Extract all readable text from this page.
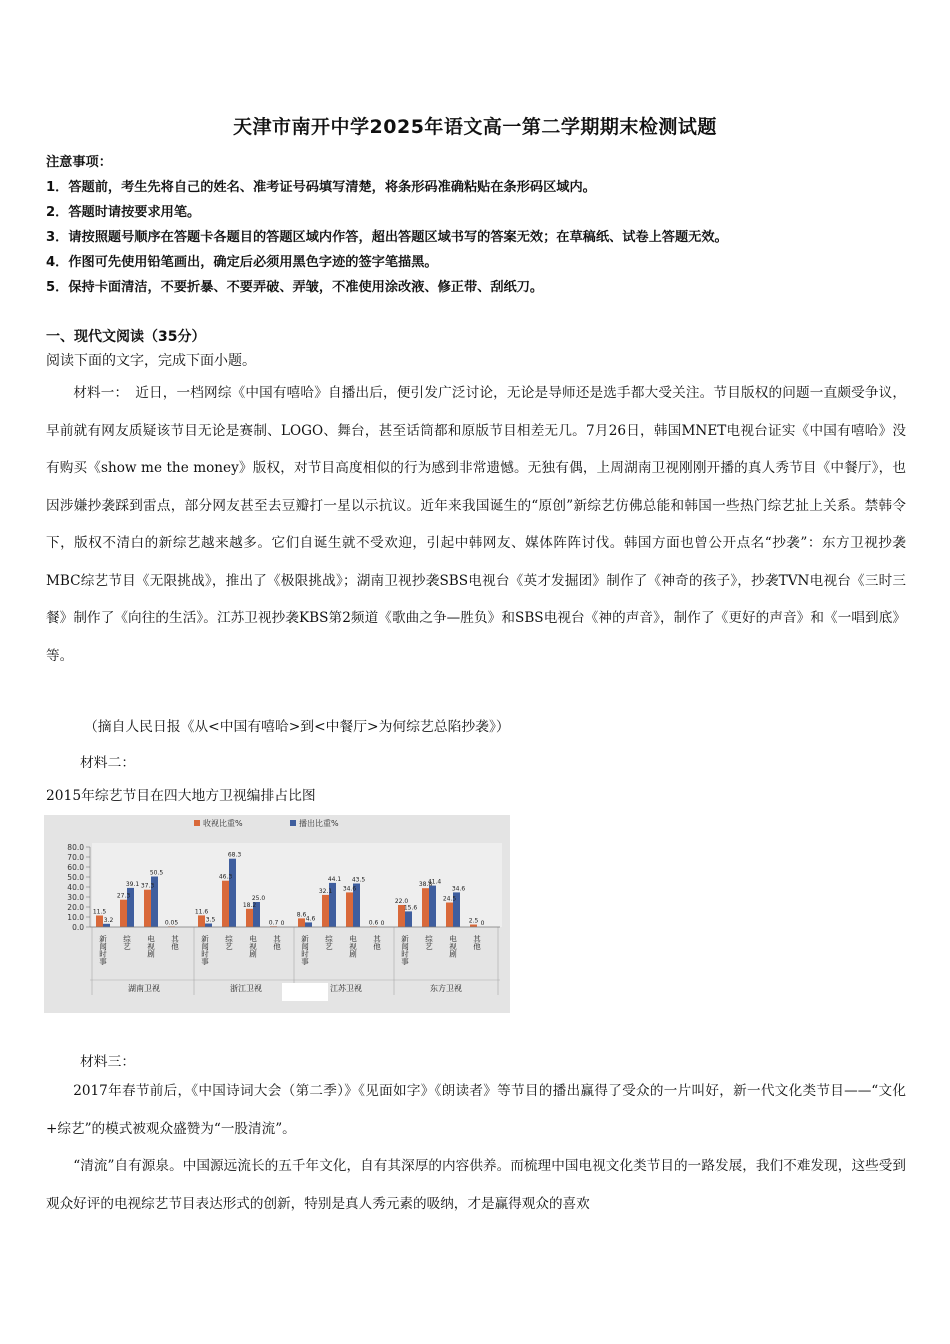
天津市南开中学2025年语文高一第二学期期末检测试题
注意事项：
1．答题前，考生先将自己的姓名、准考证号码填写清楚，将条形码准确粘贴在条形码区域内。
2．答题时请按要求用笔。
3．请按照题号顺序在答题卡各题目的答题区域内作答，超出答题区域书写的答案无效；在草稿纸、试卷上答题无效。
4．作图可先使用铅笔画出，确定后必须用黑色字迹的签字笔描黑。
5．保持卡面清洁，不要折暴、不要弄破、弄皱，不准使用涂改液、修正带、刮纸刀。
一、现代文阅读（35分）
阅读下面的文字，完成下面小题。
材料一：　近日，一档网综《中国有嘻哈》自播出后，便引发广泛讨论，无论是导师还是选手都大受关注。节目版权的问题一直颇受争议，早前就有网友质疑该节目无论是赛制、LOGO、舞台，甚至话筒都和原版节目相差无几。7月26日，韩国MNET电视台证实《中国有嘻哈》没有购买《show me the money》版权，对节目高度相似的行为感到非常遗憾。无独有偶，上周湖南卫视刚刚开播的真人秀节目《中餐厅》，也因涉嫌抄袭踩到雷点，部分网友甚至去豆瓣打一星以示抗议。近年来我国诞生的“原创”新综艺仿佛总能和韩国一些热门综艺扯上关系。禁韩令下，版权不清白的新综艺越来越多。它们自诞生就不受欢迎，引起中韩网友、媒体阵阵讨伐。韩国方面也曾公开点名“抄袭”：东方卫视抄袭MBC综艺节目《无限挑战》，推出了《极限挑战》；湖南卫视抄袭SBS电视台《英才发掘团》制作了《神奇的孩子》，抄袭TVN电视台《三时三餐》制作了《向往的生活》。江苏卫视抄袭KBS第2频道《歌曲之争—胜负》和SBS电视台《神的声音》，制作了《更好的声音》和《一唱到底》等。
（摘自人民日报《从<中国有嘻哈>到<中餐厅>为何综艺总陷抄袭》）
材料二：
2015年综艺节目在四大地方卫视编排占比图
80.0
70.0
60.0
50.0
40.0
30.0
20.0
10.0
0.0
收视比重%	播出比重%
11.5
3.2
新闻时事
27.3
39.1
综艺
37.3
50.5
电视剧
0.05
其他
湖南卫视
11.6
3.5
新闻时事
46.3
68.3
综艺
18.2
25.0
电视剧
0.7 0
其他
浙江卫视
8.6
4.6
新闻时事
32.1
44.1
综艺
34.6
43.5
电视剧
0.6 0
其他
江苏卫视
22.0
15.6
新闻时事
38.8
41.4
综艺
24.5
34.6
电视剧
2.5 0
其他
东方卫视
材料三：
2017年春节前后，《中国诗词大会（第二季）》《见面如字》《朗读者》等节目的播出赢得了受众的一片叫好，新一代文化类节目——“文化+综艺”的模式被观众盛赞为“一股清流”。
“清流”自有源泉。中国源远流长的五千年文化，自有其深厚的内容供养。而梳理中国电视文化类节目的一路发展，我们不难发现，这些受到观众好评的电视综艺节目表达形式的创新，特别是真人秀元素的吸纳，才是赢得观众的喜欢
